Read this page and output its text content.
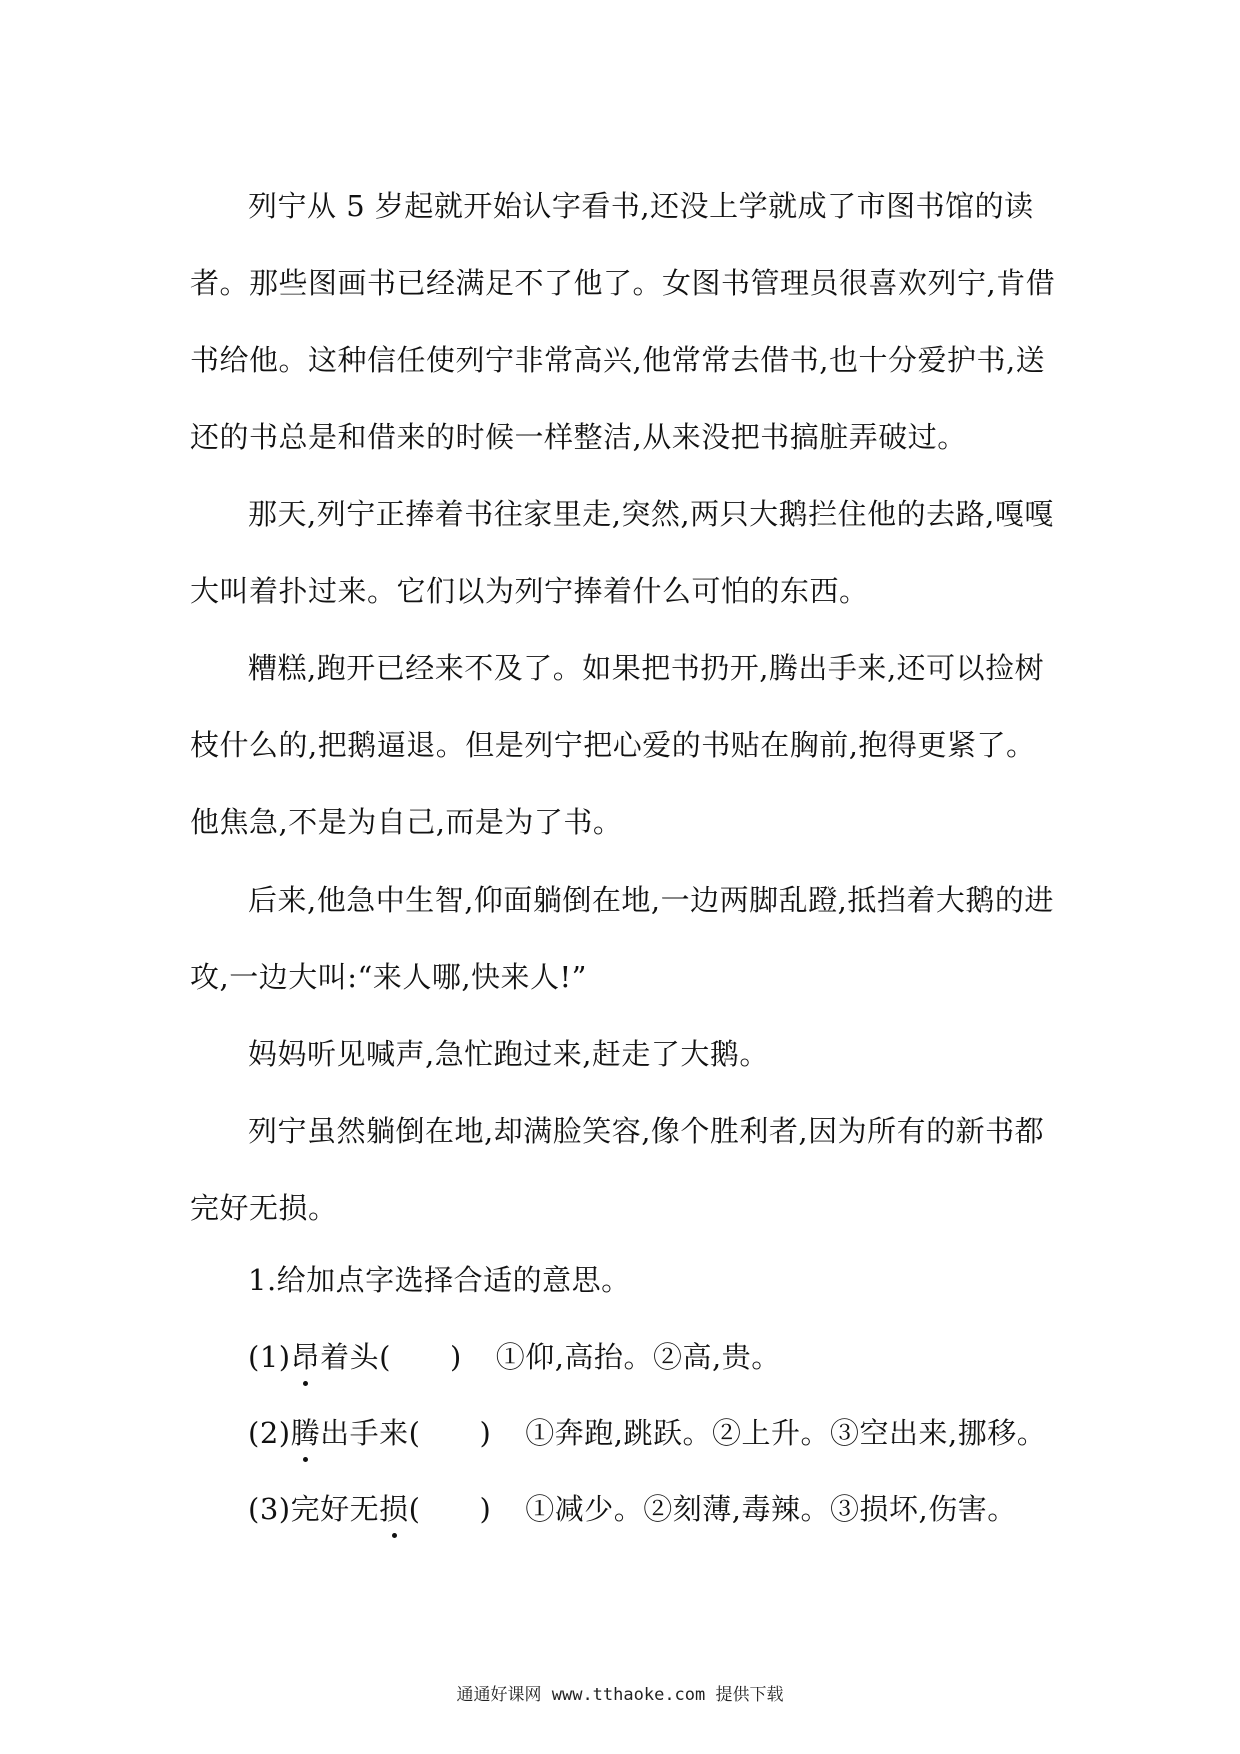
列宁从 5 岁起就开始认字看书,还没上学就成了市图书馆的读者。那些图画书已经满足不了他了。女图书管理员很喜欢列宁,肯借书给他。这种信任使列宁非常高兴,他常常去借书,也十分爱护书,送还的书总是和借来的时候一样整洁,从来没把书搞脏弄破过。

那天,列宁正捧着书往家里走,突然,两只大鹅拦住他的去路,嘎嘎大叫着扑过来。它们以为列宁捧着什么可怕的东西。

糟糕,跑开已经来不及了。如果把书扔开,腾出手来,还可以捡树枝什么的,把鹅逼退。但是列宁把心爱的书贴在胸前,抱得更紧了。他焦急,不是为自己,而是为了书。

后来,他急中生智,仰面躺倒在地,一边两脚乱蹬,抵挡着大鹅的进攻,一边大叫:“来人哪,快来人!”

妈妈听见喊声,急忙跑过来,赶走了大鹅。

列宁虽然躺倒在地,却满脸笑容,像个胜利者,因为所有的新书都完好无损。

1.给加点字选择合适的意思。

(1)昂着头(　　) ①仰,高抬。②高,贵。

(2)腾出手来(　　) ①奔跑,跳跃。②上升。③空出来,挪移。

(3)完好无损(　　) ①减少。②刻薄,毒辣。③损坏,伤害。

通通好课网 www.tthaoke.com 提供下载
